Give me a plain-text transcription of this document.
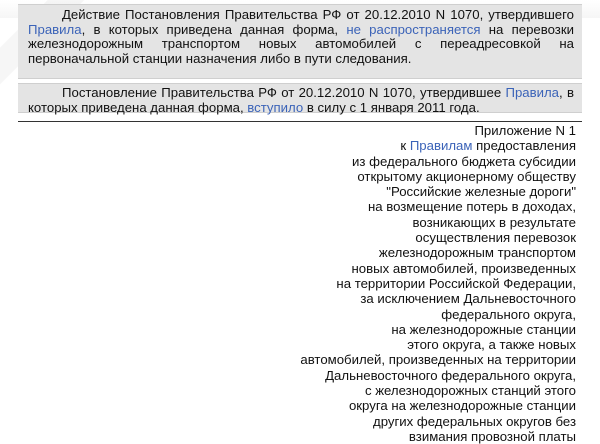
Действие Постановления Правительства РФ от 20.12.2010 N 1070, утвердившего Правила, в которых приведена данная форма, не распространяется на перевозки железнодорожным транспортом новых автомобилей с переадресовкой на первоначальной станции назначения либо в пути следования.

Постановление Правительства РФ от 20.12.2010 N 1070, утвердившее Правила, в которых приведена данная форма, вступило в силу с 1 января 2011 года.

Приложение N 1
к Правилам предоставления
из федерального бюджета субсидии
открытому акционерному обществу
"Российские железные дороги"
на возмещение потерь в доходах,
возникающих в результате
осуществления перевозок
железнодорожным транспортом
новых автомобилей, произведенных
на территории Российской Федерации,
за исключением Дальневосточного
федерального округа,
на железнодорожные станции
этого округа, а также новых
автомобилей, произведенных на территории
Дальневосточного федерального округа,
с железнодорожных станций этого
округа на железнодорожные станции
других федеральных округов без
взимания провозной платы
